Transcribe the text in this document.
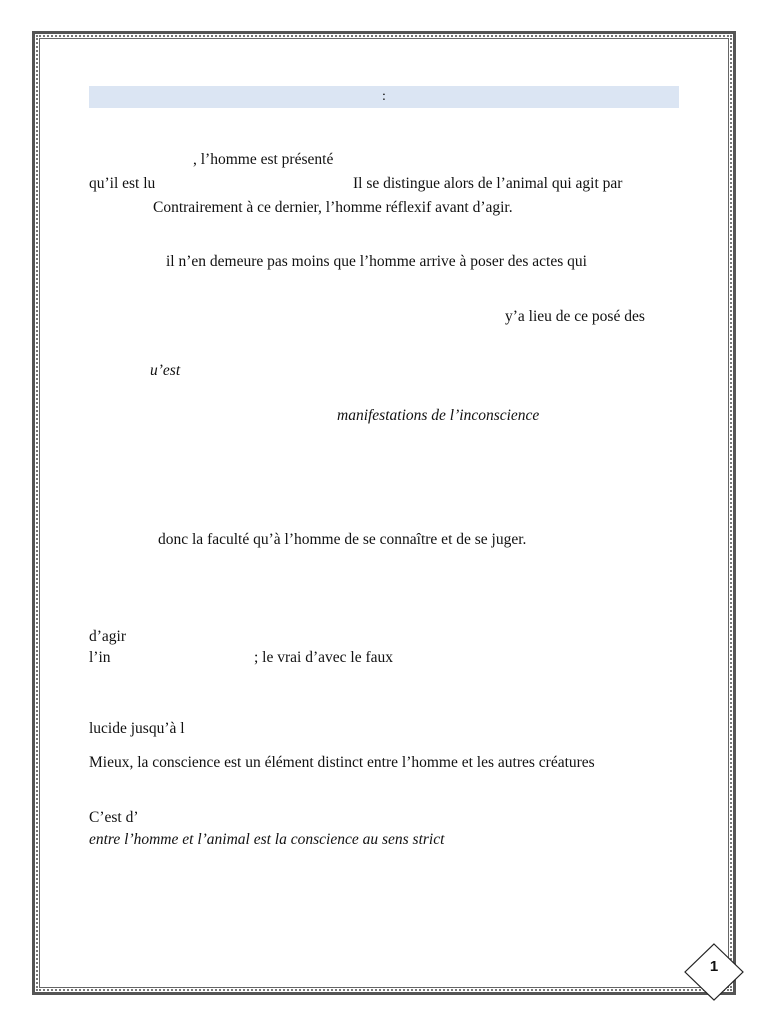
:
, l’homme est présenté
qu’il est lu	Il se distingue alors de l’animal qui agit par
Contrairement à ce dernier, l’homme réflexif avant d’agir.
il n’en demeure pas moins que l’homme arrive à poser des actes qui
y’a lieu de ce posé des
u’est
manifestations de l’inconscience
donc la faculté qu’à l’homme de se connaître et de se juger.
d’agir
l’in	; le vrai d’avec le faux
lucide jusqu’à l
Mieux, la conscience est un élément distinct entre l’homme et les autres créatures
C’est d’
entre l’homme et l’animal est la conscience au sens strict
1
